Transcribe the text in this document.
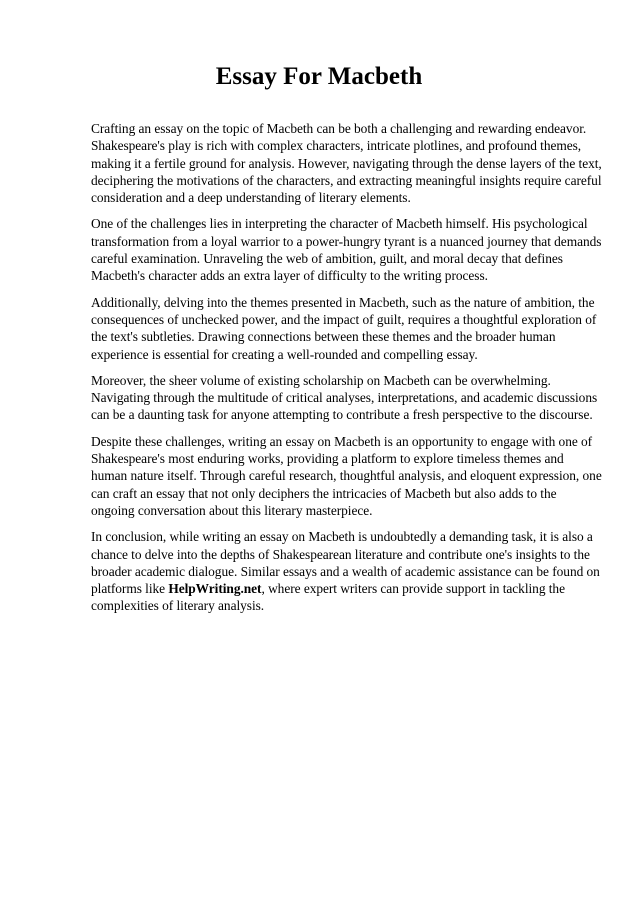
Essay For Macbeth

Crafting an essay on the topic of Macbeth can be both a challenging and rewarding endeavor. Shakespeare's play is rich with complex characters, intricate plotlines, and profound themes, making it a fertile ground for analysis. However, navigating through the dense layers of the text, deciphering the motivations of the characters, and extracting meaningful insights require careful consideration and a deep understanding of literary elements.

One of the challenges lies in interpreting the character of Macbeth himself. His psychological transformation from a loyal warrior to a power-hungry tyrant is a nuanced journey that demands careful examination. Unraveling the web of ambition, guilt, and moral decay that defines Macbeth's character adds an extra layer of difficulty to the writing process.

Additionally, delving into the themes presented in Macbeth, such as the nature of ambition, the consequences of unchecked power, and the impact of guilt, requires a thoughtful exploration of the text's subtleties. Drawing connections between these themes and the broader human experience is essential for creating a well-rounded and compelling essay.

Moreover, the sheer volume of existing scholarship on Macbeth can be overwhelming. Navigating through the multitude of critical analyses, interpretations, and academic discussions can be a daunting task for anyone attempting to contribute a fresh perspective to the discourse.

Despite these challenges, writing an essay on Macbeth is an opportunity to engage with one of Shakespeare's most enduring works, providing a platform to explore timeless themes and human nature itself. Through careful research, thoughtful analysis, and eloquent expression, one can craft an essay that not only deciphers the intricacies of Macbeth but also adds to the ongoing conversation about this literary masterpiece.

In conclusion, while writing an essay on Macbeth is undoubtedly a demanding task, it is also a chance to delve into the depths of Shakespearean literature and contribute one's insights to the broader academic dialogue. Similar essays and a wealth of academic assistance can be found on platforms like HelpWriting.net, where expert writers can provide support in tackling the complexities of literary analysis.
